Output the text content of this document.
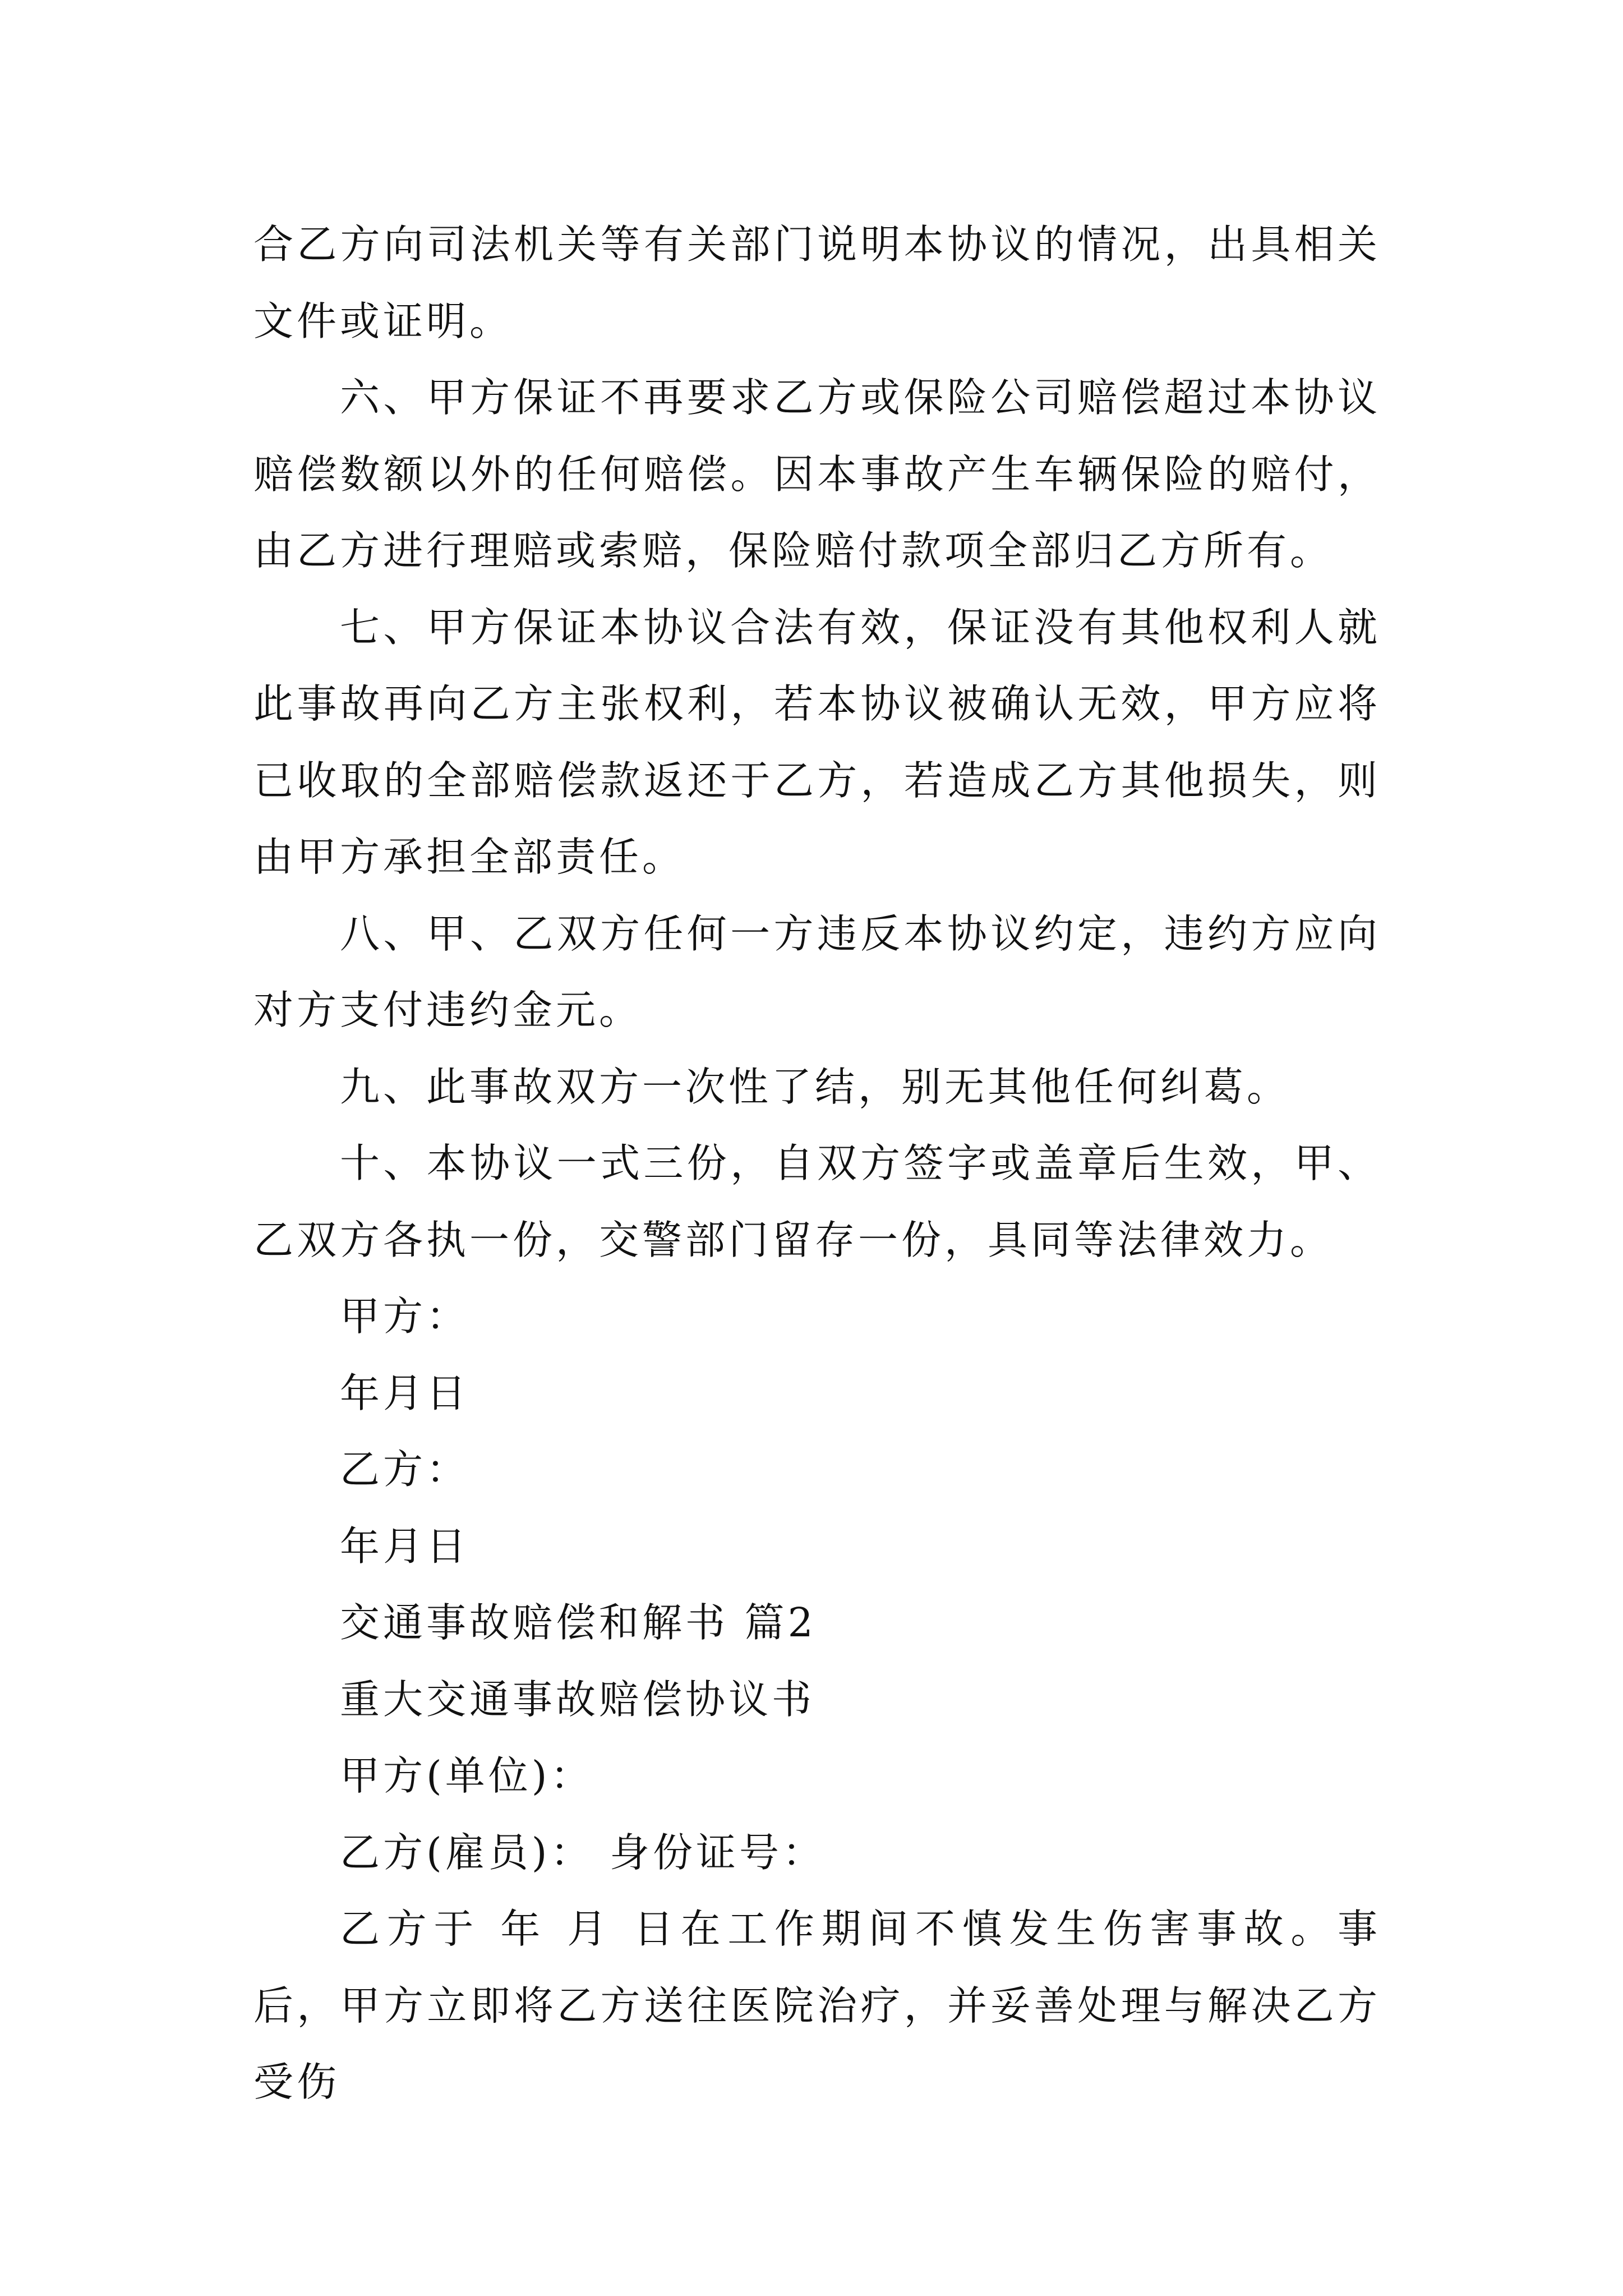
合乙方向司法机关等有关部门说明本协议的情况，出具相关文件或证明。

六、甲方保证不再要求乙方或保险公司赔偿超过本协议赔偿数额以外的任何赔偿。因本事故产生车辆保险的赔付，由乙方进行理赔或索赔，保险赔付款项全部归乙方所有。

七、甲方保证本协议合法有效，保证没有其他权利人就此事故再向乙方主张权利，若本协议被确认无效，甲方应将已收取的全部赔偿款返还于乙方，若造成乙方其他损失，则由甲方承担全部责任。

八、甲、乙双方任何一方违反本协议约定，违约方应向对方支付违约金元。

九、此事故双方一次性了结，别无其他任何纠葛。

十、本协议一式三份，自双方签字或盖章后生效，甲、乙双方各执一份，交警部门留存一份，具同等法律效力。

甲方：

年月日

乙方：

年月日

交通事故赔偿和解书 篇2

重大交通事故赔偿协议书

甲方(单位)：

乙方(雇员)： 身份证号：

乙方于 年 月 日在工作期间不慎发生伤害事故。事后，甲方立即将乙方送往医院治疗，并妥善处理与解决乙方受伤
